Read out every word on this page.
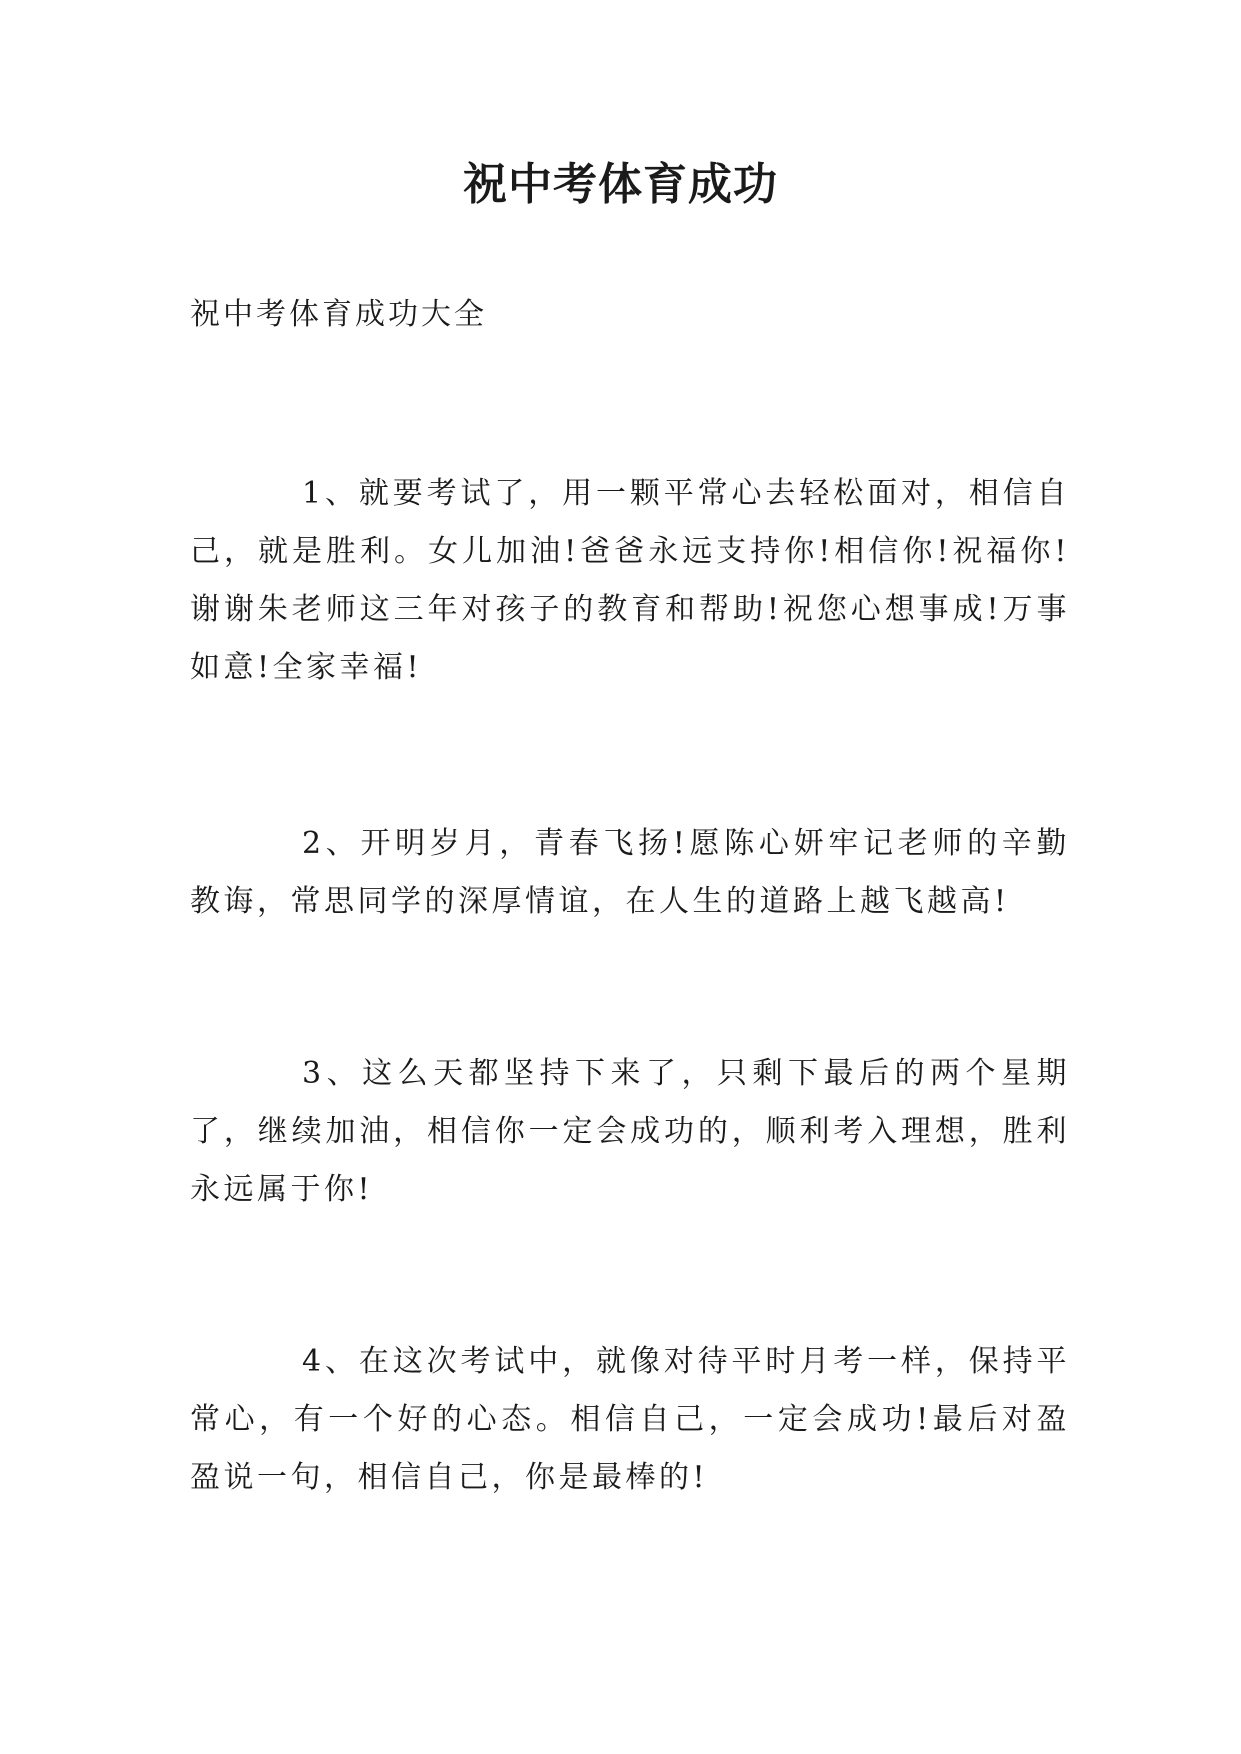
祝中考体育成功

祝中考体育成功大全

1、就要考试了，用一颗平常心去轻松面对，相信自己，就是胜利。女儿加油!爸爸永远支持你!相信你!祝福你!谢谢朱老师这三年对孩子的教育和帮助!祝您心想事成!万事如意!全家幸福!

2、开明岁月，青春飞扬!愿陈心妍牢记老师的辛勤教诲，常思同学的深厚情谊，在人生的道路上越飞越高!

3、这么天都坚持下来了，只剩下最后的两个星期了，继续加油，相信你一定会成功的，顺利考入理想，胜利永远属于你!

4、在这次考试中，就像对待平时月考一样，保持平常心，有一个好的心态。相信自己，一定会成功!最后对盈盈说一句，相信自己，你是最棒的!
